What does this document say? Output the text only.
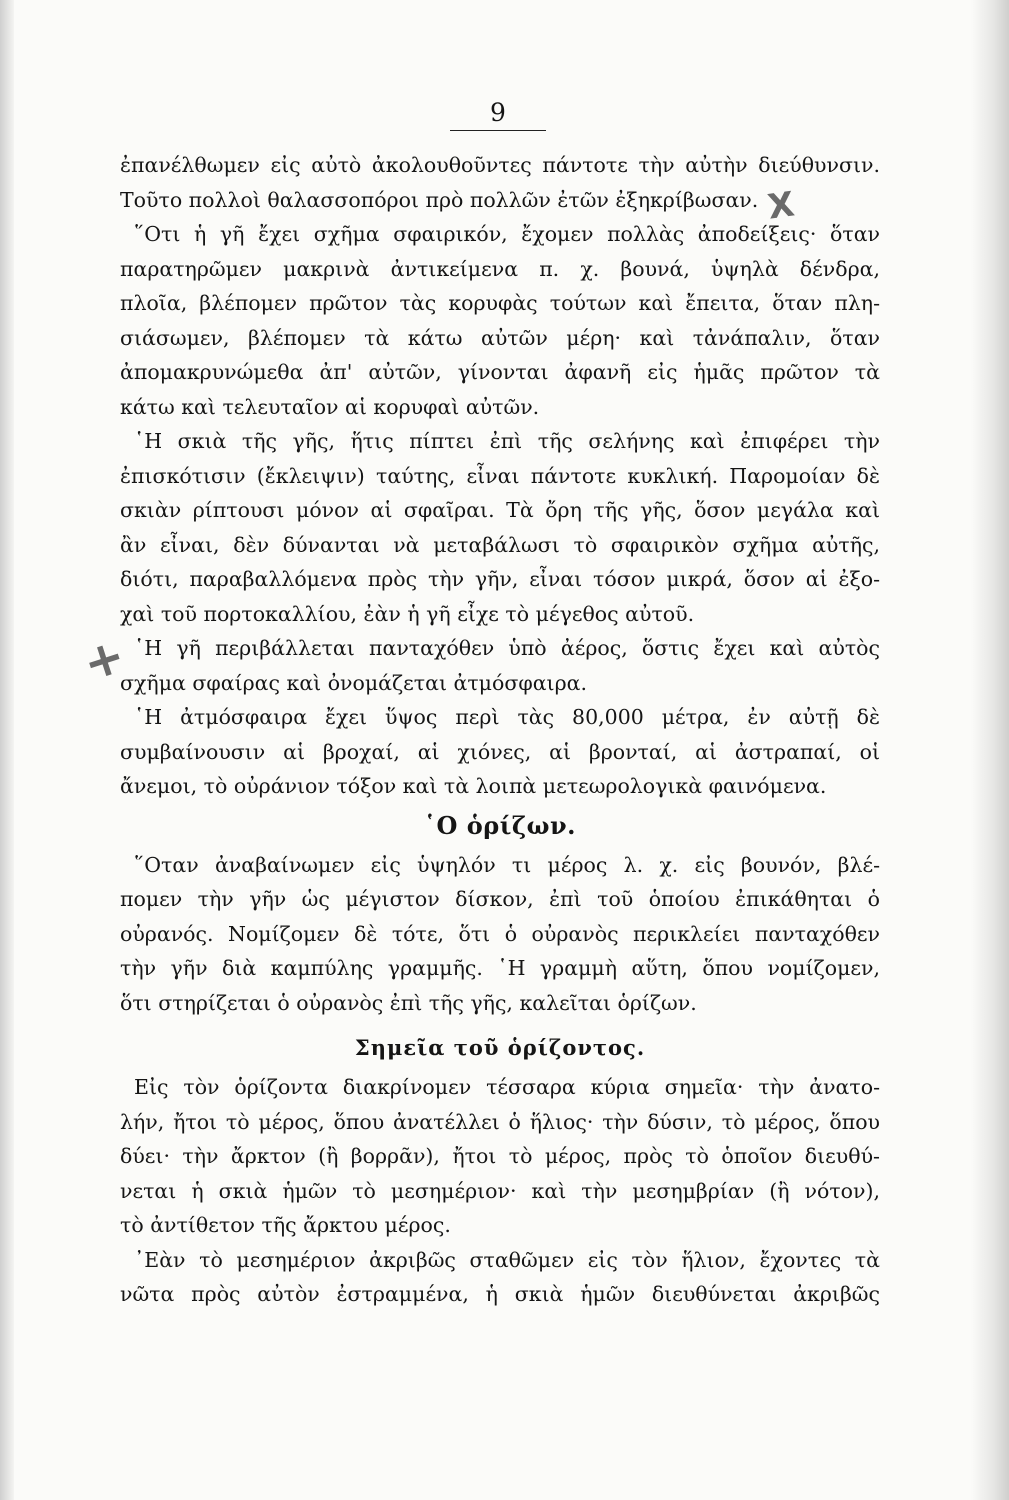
9
X
+
ἐπανέλθωμεν εἰς αὐτὸ ἀκολουθοῦντες πάντοτε τὴν αὐτὴν διεύθυνσιν.
Τοῦτο πολλοὶ θαλασσοπόροι πρὸ πολλῶν ἐτῶν ἐξηκρίβωσαν.
῞Οτι ἡ γῆ ἔχει σχῆμα σφαιρικόν, ἔχομεν πολλὰς ἀποδείξεις· ὅταν
παρατηρῶμεν μακρινὰ ἀντικείμενα π. χ. βουνά, ὑψηλὰ δένδρα,
πλοῖα, βλέπομεν πρῶτον τὰς κορυφὰς τούτων καὶ ἔπειτα, ὅταν πλη-
σιάσωμεν, βλέπομεν τὰ κάτω αὐτῶν μέρη· καὶ τἀνάπαλιν, ὅταν
ἀπομακρυνώμεθα ἀπ' αὐτῶν, γίνονται ἀφανῆ εἰς ἡμᾶς πρῶτον τὰ
κάτω καὶ τελευταῖον αἱ κορυφαὶ αὐτῶν.
῾Η σκιὰ τῆς γῆς, ἥτις πίπτει ἐπὶ τῆς σελήνης καὶ ἐπιφέρει τὴν
ἐπισκότισιν (ἔκλειψιν) ταύτης, εἶναι πάντοτε κυκλική. Παρομοίαν δὲ
σκιὰν ρίπτουσι μόνον αἱ σφαῖραι. Τὰ ὄρη τῆς γῆς, ὅσον μεγάλα καὶ
ἂν εἶναι, δὲν δύνανται νὰ μεταβάλωσι τὸ σφαιρικὸν σχῆμα αὐτῆς,
διότι, παραβαλλόμενα πρὸς τὴν γῆν, εἶναι τόσον μικρά, ὅσον αἱ ἐξο-
χαὶ τοῦ πορτοκαλλίου, ἐὰν ἡ γῆ εἶχε τὸ μέγεθος αὐτοῦ.
῾Η γῆ περιβάλλεται πανταχόθεν ὑπὸ ἀέρος, ὅστις ἔχει καὶ αὐτὸς
σχῆμα σφαίρας καὶ ὀνομάζεται ἀτμόσφαιρα.
῾Η ἀτμόσφαιρα ἔχει ὕψος περὶ τὰς 80,000 μέτρα, ἐν αὐτῇ δὲ
συμβαίνουσιν αἱ βροχαί, αἱ χιόνες, αἱ βρονταί, αἱ ἀστραπαί, οἱ
ἄνεμοι, τὸ οὐράνιον τόξον καὶ τὰ λοιπὰ μετεωρολογικὰ φαινόμενα.
῾Ο ὁρίζων.
῞Οταν ἀναβαίνωμεν εἰς ὑψηλόν τι μέρος λ. χ. εἰς βουνόν, βλέ-
πομεν τὴν γῆν ὡς μέγιστον δίσκον, ἐπὶ τοῦ ὁποίου ἐπικάθηται ὁ
οὐρανός. Νομίζομεν δὲ τότε, ὅτι ὁ οὐρανὸς περικλείει πανταχόθεν
τὴν γῆν διὰ καμπύλης γραμμῆς. ῾Η γραμμὴ αὕτη, ὅπου νομίζομεν,
ὅτι στηρίζεται ὁ οὐρανὸς ἐπὶ τῆς γῆς, καλεῖται ὁρίζων.
Σημεῖα τοῦ ὁρίζοντος.
Εἰς τὸν ὁρίζοντα διακρίνομεν τέσσαρα κύρια σημεῖα· τὴν ἀνατο-
λήν, ἤτοι τὸ μέρος, ὅπου ἀνατέλλει ὁ ἥλιος· τὴν δύσιν, τὸ μέρος, ὅπου
δύει· τὴν ἄρκτον (ἢ βορρᾶν), ἤτοι τὸ μέρος, πρὸς τὸ ὁποῖον διευθύ-
νεται ἡ σκιὰ ἡμῶν τὸ μεσημέριον· καὶ τὴν μεσημβρίαν (ἢ νότον),
τὸ ἀντίθετον τῆς ἄρκτου μέρος.
᾿Εὰν τὸ μεσημέριον ἀκριβῶς σταθῶμεν εἰς τὸν ἥλιον, ἔχοντες τὰ
νῶτα πρὸς αὐτὸν ἐστραμμένα, ἡ σκιὰ ἡμῶν διευθύνεται ἀκριβῶς
